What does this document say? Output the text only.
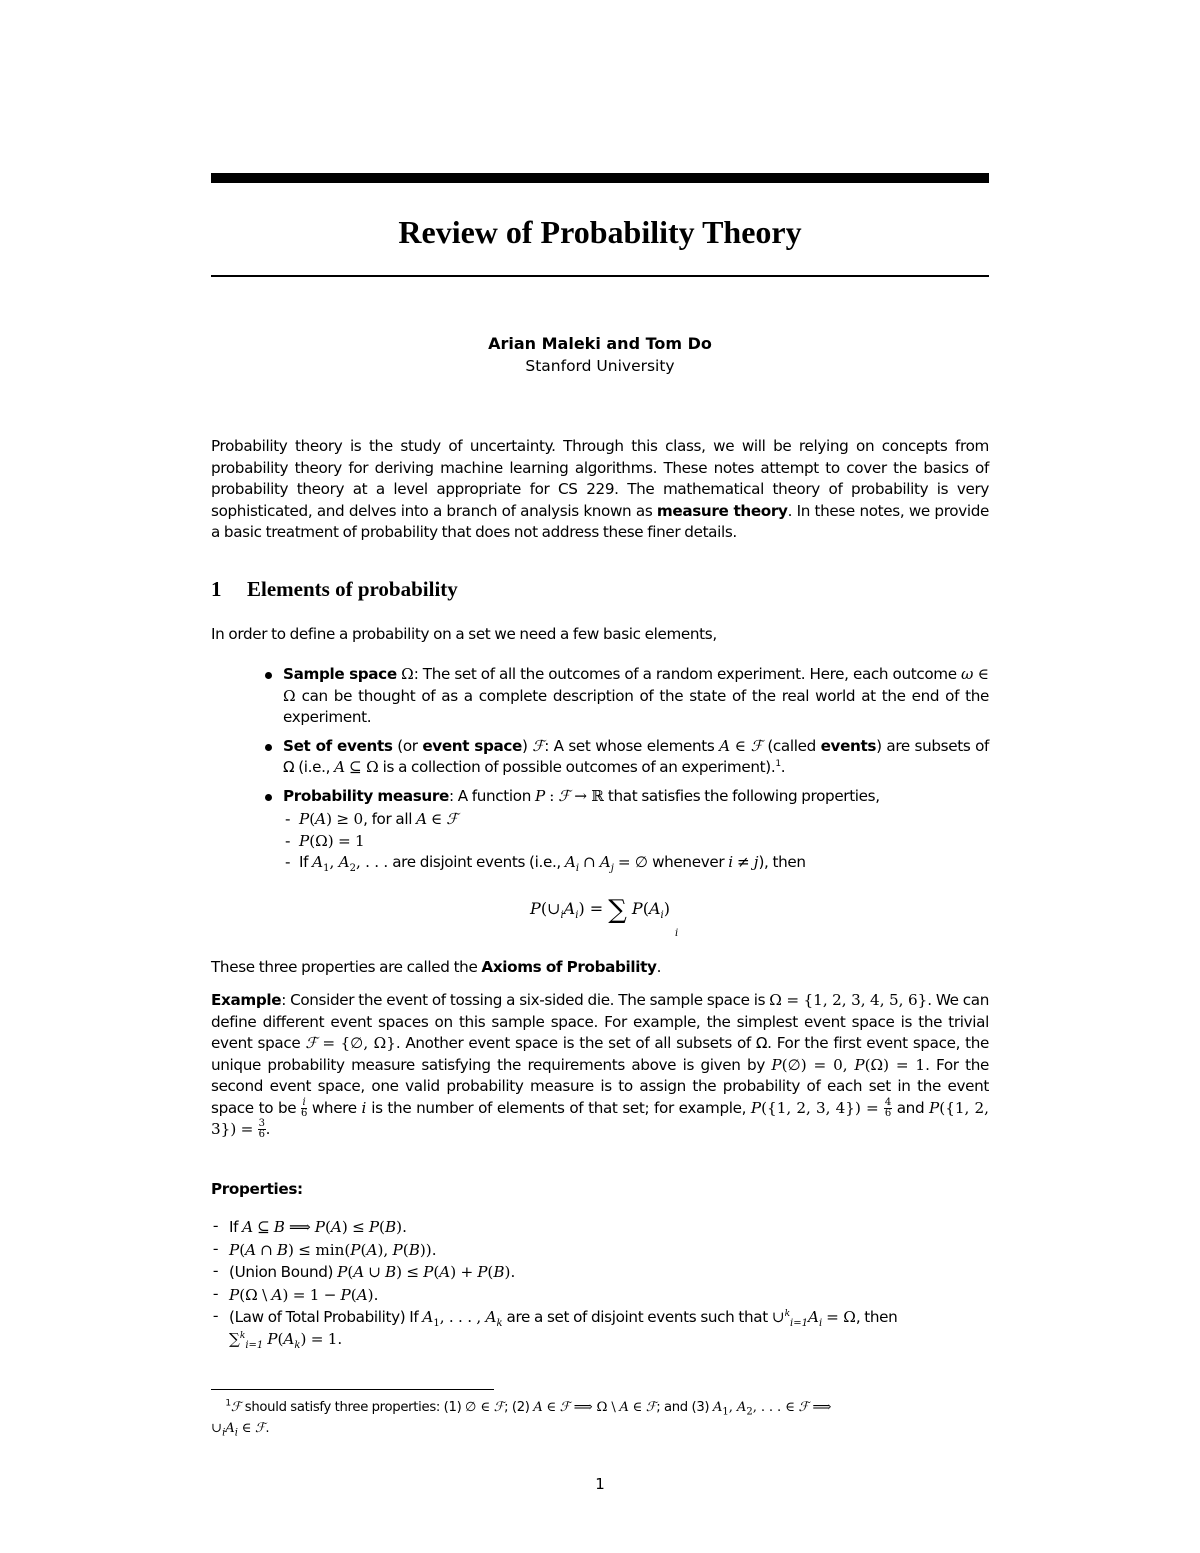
Review of Probability Theory
Arian Maleki and Tom Do
Stanford University
Probability theory is the study of uncertainty. Through this class, we will be relying on concepts from probability theory for deriving machine learning algorithms. These notes attempt to cover the basics of probability theory at a level appropriate for CS 229. The mathematical theory of probability is very sophisticated, and delves into a branch of analysis known as measure theory. In these notes, we provide a basic treatment of probability that does not address these finer details.
1 Elements of probability
In order to define a probability on a set we need a few basic elements,
Sample space Ω: The set of all the outcomes of a random experiment. Here, each outcome ω ∈ Ω can be thought of as a complete description of the state of the real world at the end of the experiment.
Set of events (or event space) ℱ: A set whose elements A ∈ ℱ (called events) are subsets of Ω (i.e., A ⊆ Ω is a collection of possible outcomes of an experiment).$^1$.
Probability measure: A function P : ℱ → ℝ that satisfies the following properties,
- P(A) ≥ 0, for all A ∈ ℱ
- P(Ω) = 1
- If $A_1$, $A_2$, . . . are disjoint events (i.e., $A_i$ ∩ $A_j$ = ∅ whenever i ≠ j), then
$P(\cup_iA_i)$ = ∑ $P(A_i)$
i
These three properties are called the Axioms of Probability.
Example: Consider the event of tossing a six-sided die. The sample space is Ω = {1, 2, 3, 4, 5, 6}. We can define different event spaces on this sample space. For example, the simplest event space is the trivial event space ℱ = {∅, Ω}. Another event space is the set of all subsets of Ω. For the first event space, the unique probability measure satisfying the requirements above is given by P(∅) = 0, P(Ω) = 1. For the second event space, one valid probability measure is to assign the probability of each set in the event space to be $\frac{i}{6}$ where i is the number of elements of that set; for example, P({1, 2, 3, $4\}) = \frac{4}{6}$ and P({1, 2, $3\}) = \frac{3}{6}$ .
Properties:
- If A ⊆ B ⟹ P(A) ≤ P(B).
- P(A ∩ B) ≤ min(P(A), P(B)).
- (Union Bound) P(A ∪ B) ≤ P(A) + P(B).
- P(Ω \ A) = 1 − P(A).
- (Law of Total Probability) If $A_1$, . . . , $A_k$ are a set of disjoint events such that $\cup^k_{i=1}A_i = \Omega$, then
∑$^k_{i=1}$ $P(A_k) = 1$.
$^1$ℱ should satisfy three properties: (1) ∅ ∈ ℱ; (2) A ∈ ℱ ⟹ Ω \ A ∈ ℱ; and (3) $A_1$, $A_2$, . . . ∈ ℱ ⟹
$\cup_iA_i$ ∈ ℱ.
1
